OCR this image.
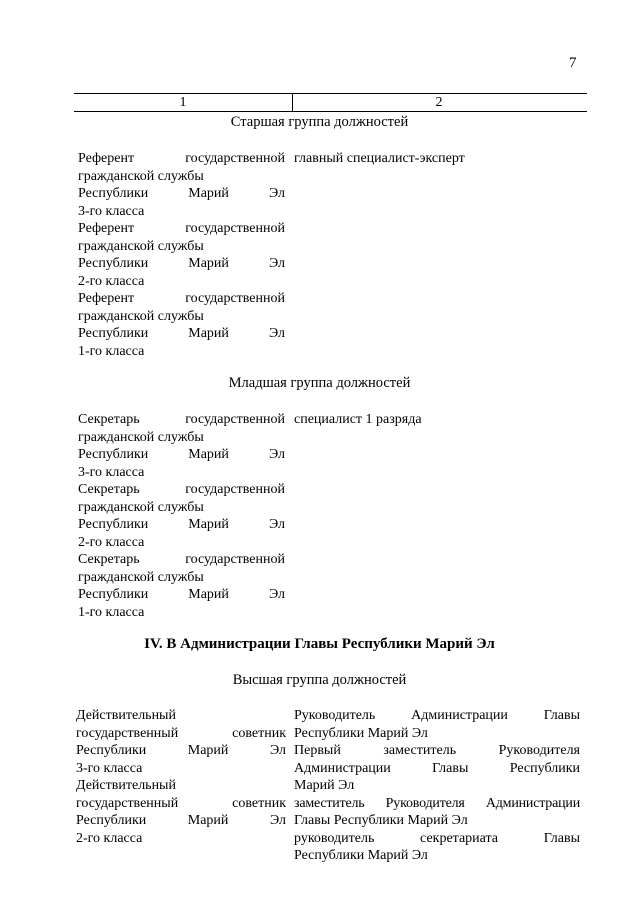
7
1	2
Старшая группа должностей
Референт государственной
гражданской службы
Республики Марий Эл
3-го класса
Референт государственной
гражданской службы
Республики Марий Эл
2-го класса
Референт государственной
гражданской службы
Республики Марий Эл
1-го класса
главный специалист-эксперт
Младшая группа должностей
Секретарь государственной
гражданской службы
Республики Марий Эл
3-го класса
Секретарь государственной
гражданской службы
Республики Марий Эл
2-го класса
Секретарь государственной
гражданской службы
Республики Марий Эл
1-го класса
специалист 1 разряда
IV. В Администрации Главы Республики Марий Эл
Высшая группа должностей
Действительный
государственный советник
Республики Марий Эл
3-го класса
Действительный
государственный советник
Республики Марий Эл
2-го класса
Руководитель Администрации Главы
Республики Марий Эл
Первый заместитель Руководителя
Администрации Главы Республики
Марий Эл
заместитель Руководителя Администрации
Главы Республики Марий Эл
руководитель секретариата Главы
Республики Марий Эл
